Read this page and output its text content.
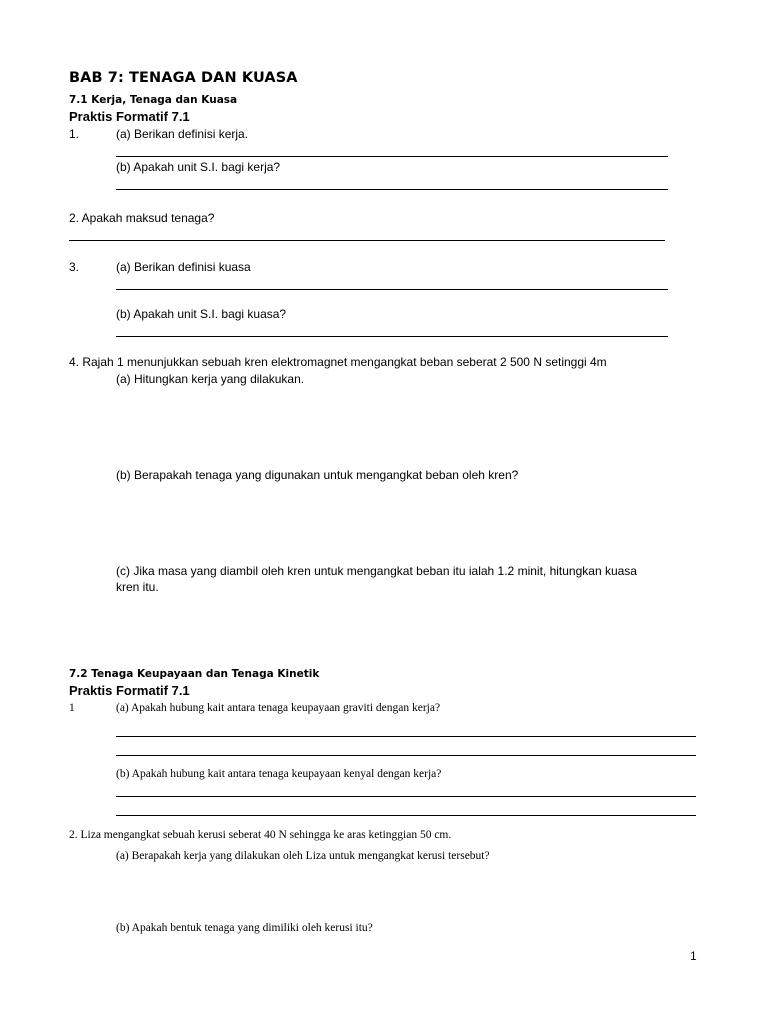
BAB 7: TENAGA DAN KUASA
7.1 Kerja, Tenaga dan Kuasa
Praktis Formatif 7.1
1.	(a) Berikan definisi kerja.
(b) Apakah unit S.I. bagi kerja?
2. Apakah maksud tenaga?
3.	(a) Berikan definisi kuasa
(b) Apakah unit S.I. bagi kuasa?
4. Rajah 1 menunjukkan sebuah kren elektromagnet mengangkat beban seberat 2 500 N setinggi 4m
(a) Hitungkan kerja yang dilakukan.
(b) Berapakah tenaga yang digunakan untuk mengangkat beban oleh kren?
(c) Jika masa yang diambil oleh kren untuk mengangkat beban itu ialah 1.2 minit, hitungkan kuasa
kren itu.
7.2 Tenaga Keupayaan dan Tenaga Kinetik
Praktis Formatif 7.1
1	(a) Apakah hubung kait antara tenaga keupayaan graviti dengan kerja?
(b) Apakah hubung kait antara tenaga keupayaan kenyal dengan kerja?
2. Liza mengangkat sebuah kerusi seberat 40 N sehingga ke aras ketinggian 50 cm.
(a) Berapakah kerja yang dilakukan oleh Liza untuk mengangkat kerusi tersebut?
(b) Apakah bentuk tenaga yang dimiliki oleh kerusi itu?
1
